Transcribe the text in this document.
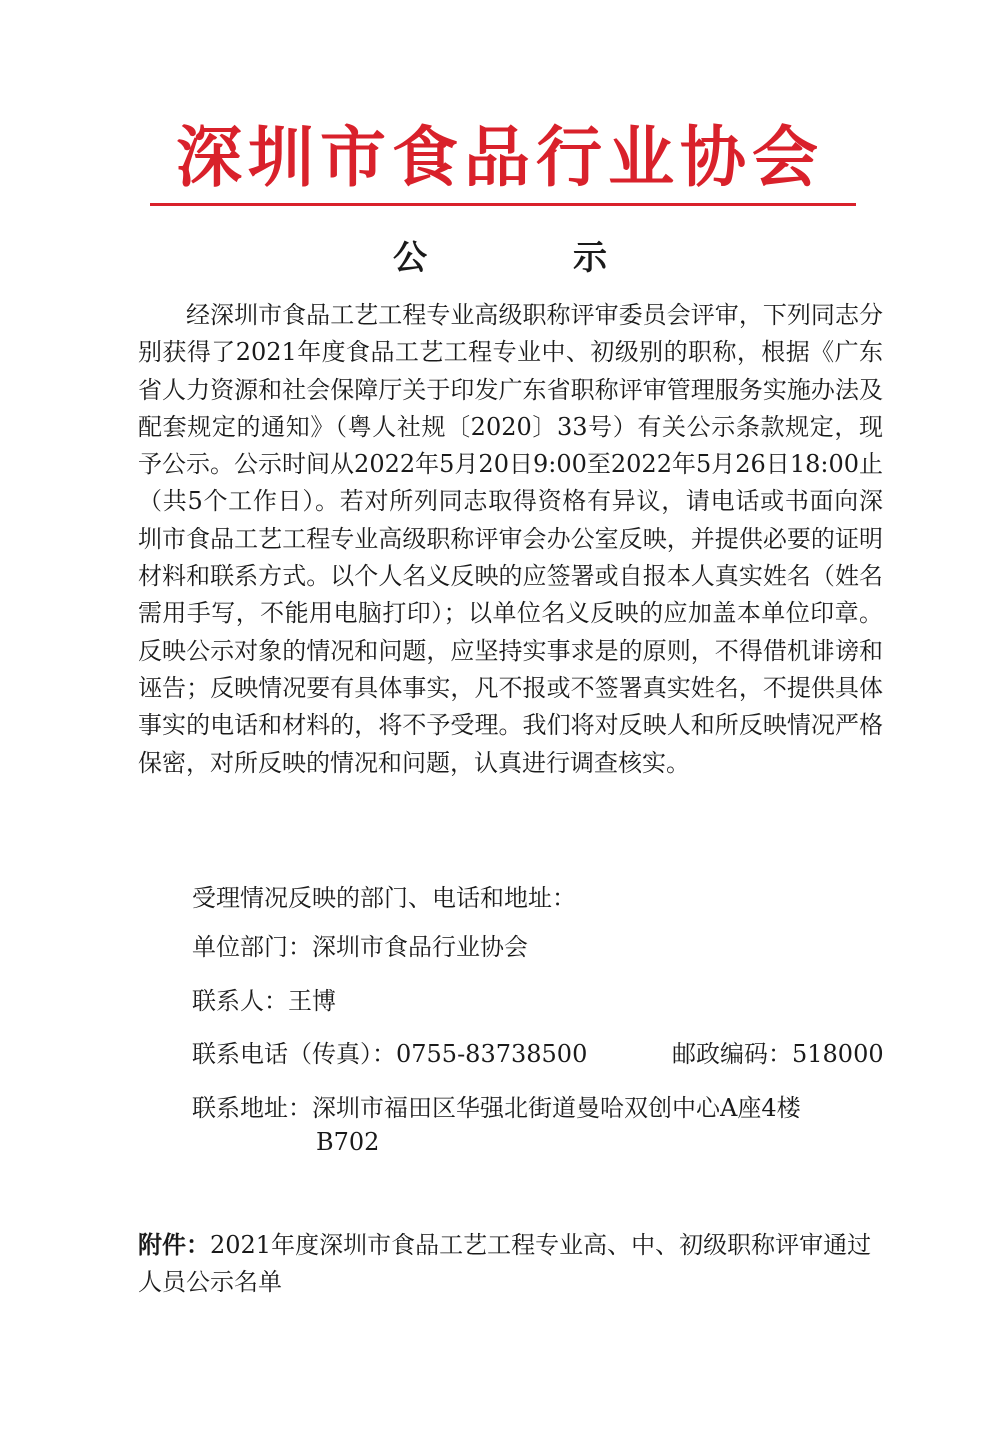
深圳市食品行业协会
公　示

经深圳市食品工艺工程专业高级职称评审委员会评审，下列同志分别获得了2021年度食品工艺工程专业中、初级别的职称，根据《广东省人力资源和社会保障厅关于印发广东省职称评审管理服务实施办法及配套规定的通知》（粤人社规〔2020〕33号）有关公示条款规定，现予公示。公示时间从2022年5月20日9:00至2022年5月26日18:00止（共5个工作日）。若对所列同志取得资格有异议，请电话或书面向深圳市食品工艺工程专业高级职称评审会办公室反映，并提供必要的证明材料和联系方式。以个人名义反映的应签署或自报本人真实姓名（姓名需用手写，不能用电脑打印）；以单位名义反映的应加盖本单位印章。反映公示对象的情况和问题，应坚持实事求是的原则，不得借机诽谤和诬告；反映情况要有具体事实，凡不报或不签署真实姓名，不提供具体事实的电话和材料的，将不予受理。我们将对反映人和所反映情况严格保密，对所反映的情况和问题，认真进行调查核实。

受理情况反映的部门、电话和地址：
单位部门：深圳市食品行业协会
联系人：王博
联系电话（传真）：0755-83738500	邮政编码：518000
联系地址：深圳市福田区华强北街道曼哈双创中心A座4楼
B702
附件：2021年度深圳市食品工艺工程专业高、中、初级职称评审通过人员公示名单
